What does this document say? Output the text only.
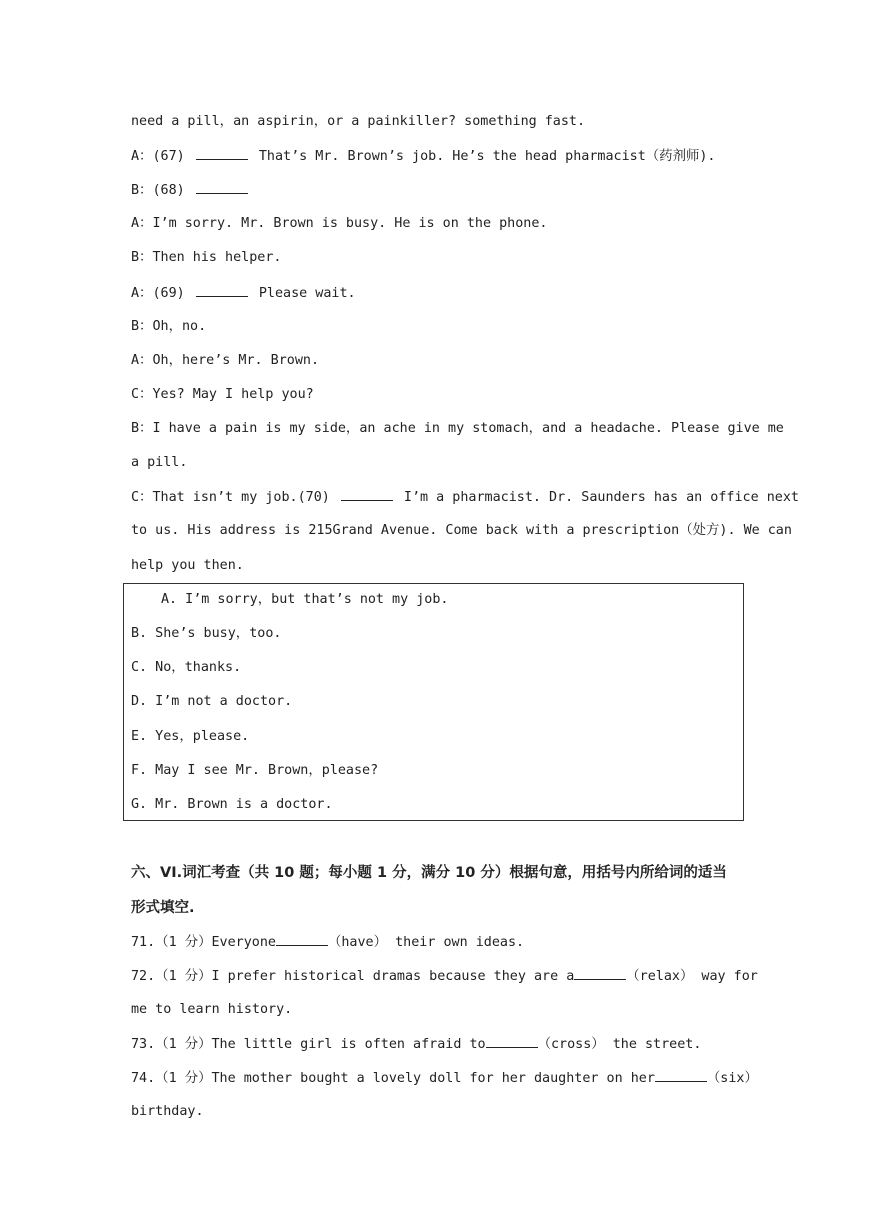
need a pill，an aspirin，or a painkiller? something fast.
A：(67)	That’s Mr. Brown’s job. He’s the head pharmacist（药剂师).
B：(68)
A：I’m sorry. Mr. Brown is busy. He is on the phone.
B：Then his helper.
A：(69)	Please wait.
B：Oh，no.
A：Oh，here’s Mr. Brown.
C：Yes? May I help you?
B：I have a pain is my side，an ache in my stomach，and a headache. Please give me
a pill.
C：That isn’t my job.(70)	I’m a pharmacist. Dr. Saunders has an office next
to us. His address is 215Grand Avenue. Come back with a prescription（处方). We can
help you then.
A. I’m sorry，but that’s not my job.
B. She’s busy，too.
C. No，thanks.
D. I’m not a doctor.
E. Yes，please.
F. May I see Mr. Brown，please?
G. Mr. Brown is a doctor.
六、VI.词汇考查（共 10 题；每小题 1 分，满分 10 分）根据句意，用括号内所给词的适当
形式填空.
71.（1 分）Everyone	（have） their own ideas.
72.（1 分）I prefer historical dramas because they are a	（relax） way for
me to learn history.
73.（1 分）The little girl is often afraid to	（cross） the street.
74.（1 分）The mother bought a lovely doll for her daughter on her	（six）
birthday.
